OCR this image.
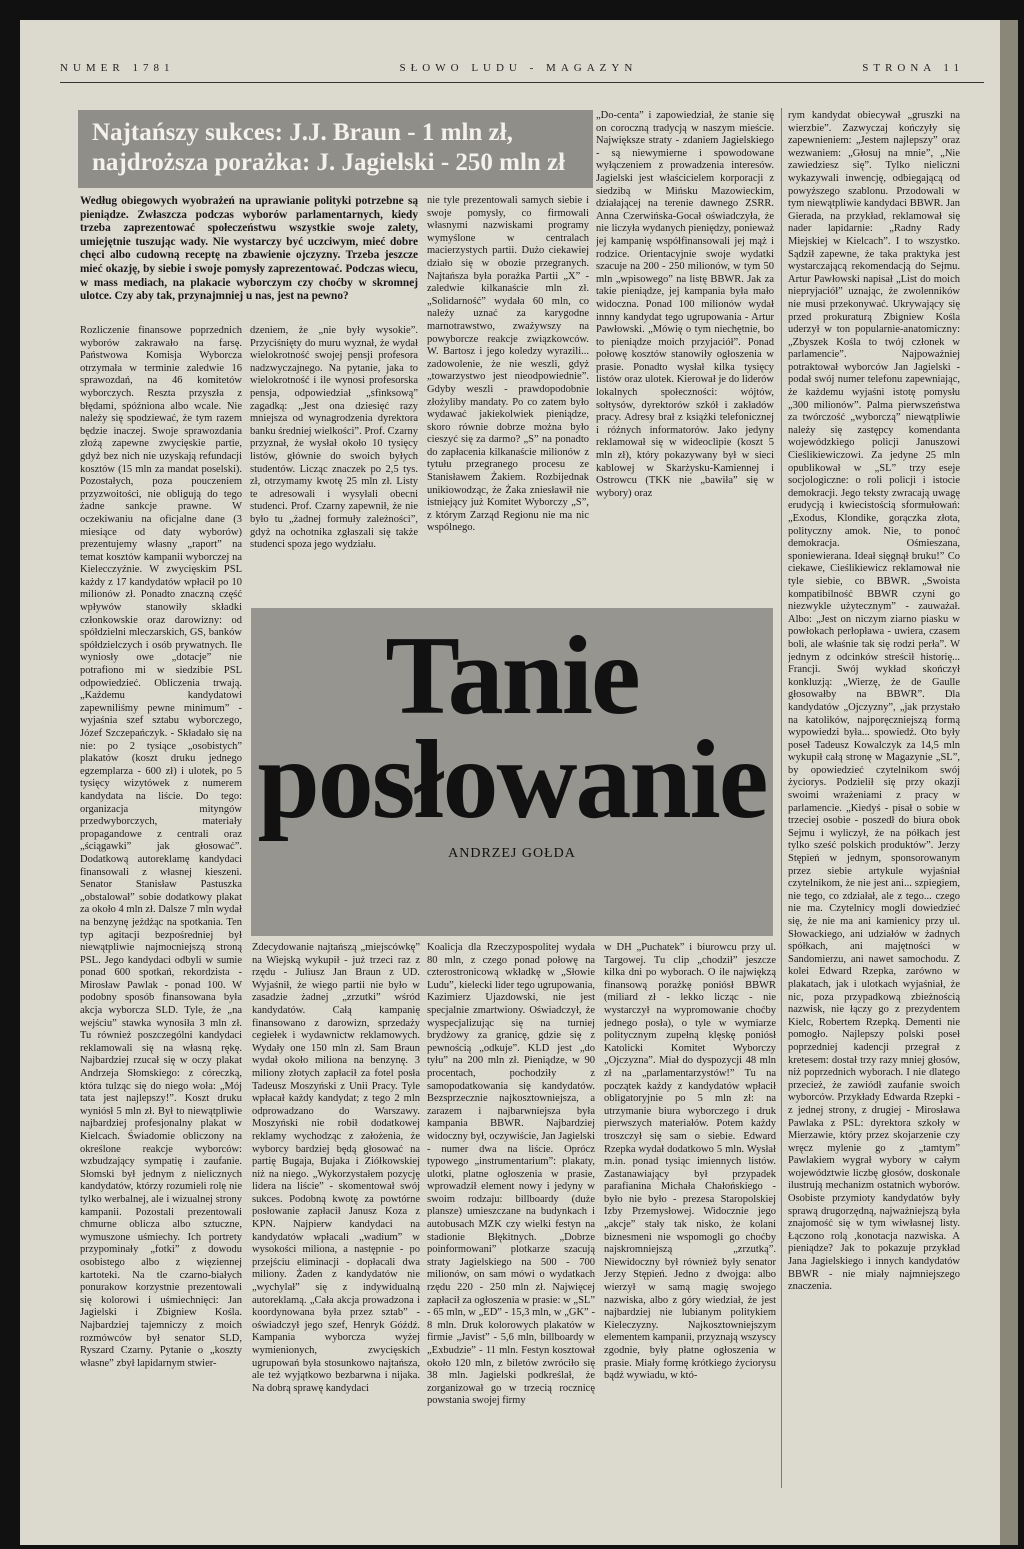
NUMER 1781	SŁOWO LUDU - MAGAZYN	STRONA 11
Najtańszy sukces: J.J. Braun - 1 mln zł,
najdroższa porażka: J. Jagielski - 250 mln zł
Według obiegowych wyobrażeń na uprawianie polityki potrzebne są pieniądze. Zwłaszcza podczas wyborów parlamentarnych, kiedy trzeba zaprezentować społeczeństwu wszystkie swoje zalety, umiejętnie tuszując wady. Nie wystarczy być uczciwym, mieć dobre chęci albo cudowną receptę na zbawienie ojczyzny. Trzeba jeszcze mieć okazję, by siebie i swoje pomysły zaprezentować. Podczas wiecu, w mass mediach, na plakacie wyborczym czy choćby w skromnej ulotce. Czy aby tak, przynajmniej u nas, jest na pewno?
Rozliczenie finansowe poprzednich wyborów zakrawało na farsę. Państwowa Komisja Wyborcza otrzymała w terminie zaledwie 16 sprawozdań, na 46 komitetów wyborczych. Reszta przyszła z błędami, spóźniona albo wcale. Nie należy się spodziewać, że tym razem będzie inaczej. Swoje sprawozdania złożą zapewne zwycięskie partie, gdyż bez nich nie uzyskają refundacji kosztów (15 mln za mandat poselski). Pozostałych, poza pouczeniem przyzwoitości, nie obligują do tego żadne sankcje prawne. W oczekiwaniu na oficjalne dane (3 miesiące od daty wyborów) prezentujemy własny „raport” na temat kosztów kampanii wyborczej na Kielecczyźnie. W zwycięskim PSL każdy z 17 kandydatów wpłacił po 10 milionów zł. Ponadto znaczną część wpływów stanowiły składki członkowskie oraz darowizny: od spółdzielni mleczarskich, GS, banków spółdzielczych i osób prywatnych. Ile wyniosły owe „dotacje” nie potrafiono mi w siedzibie PSL odpowiedzieć. Obliczenia trwają. „Każdemu kandydatowi zapewniliśmy pewne minimum” - wyjaśnia szef sztabu wyborczego, Józef Szczepańczyk. - Składało się na nie: po 2 tysiące „osobistych” plakatów (koszt druku jednego egzemplarza - 600 zł) i ulotek, po 5 tysięcy wizytówek z numerem kandydata na liście. Do tego: organizacja mityngów przedwyborczych, materiały propagandowe z centrali oraz „ściągawki” jak głosować”. Dodatkową autoreklamę kandydaci finansowali z własnej kieszeni. Senator Stanisław Pastuszka „obstalował” sobie dodatkowy plakat za około 4 mln zł. Dalsze 7 mln wydał na benzynę jeżdżąc na spotkania. Ten typ agitacji bezpośredniej był niewątpliwie najmocniejszą stroną PSL. Jego kandydaci odbyli w sumie ponad 600 spotkań, rekordzista - Mirosław Pawlak - ponad 100. W podobny sposób finansowana była akcja wyborcza SLD. Tyle, że „na wejściu” stawka wynosiła 3 mln zł. Tu również poszczególni kandydaci reklamowali się na własną rękę. Najbardziej rzucał się w oczy plakat Andrzeja Słomskiego: z córeczką, która tulząc się do niego woła: „Mój tata jest najlepszy!”. Koszt druku wyniósł 5 mln zł. Był to niewątpliwie najbardziej profesjonalny plakat w Kielcach. Świadomie obliczony na określone reakcje wyborców: wzbudzający sympatię i zaufanie. Słomski był jednym z nielicznych kandydatów, którzy rozumieli rolę nie tylko werbalnej, ale i wizualnej strony kampanii. Pozostali prezentowali chmurne oblicza albo sztuczne, wymuszone uśmiechy. Ich portrety przypominały „fotki” z dowodu osobistego albo z więziennej kartoteki. Na tle czarno-białych ponurakow korzystnie prezentowali się kolorowi i uśmiechnięci: Jan Jagielski i Zbigniew Kośla. Najbardziej tajemniczy z moich rozmówców był senator SLD, Ryszard Czarny. Pytanie o „koszty własne” zbył lapidarnym stwier-
dzeniem, że „nie były wysokie”. Przyciśnięty do muru wyznał, że wydał wielokrotność swojej pensji profesora nadzwyczajnego. Na pytanie, jaka to wielokrotność i ile wynosi profesorska pensja, odpowiedział „sfinksową” zagadką: „Jest ona dziesięć razy mniejsza od wynagrodzenia dyrektora banku średniej wielkości”. Prof. Czarny przyznał, że wysłał około 10 tysięcy listów, głównie do swoich byłych studentów. Licząc znaczek po 2,5 tys. zł, otrzymamy kwotę 25 mln zł. Listy te adresowali i wysyłali obecni studenci. Prof. Czarny zapewnił, że nie było tu „żadnej formuły zależności”, gdyż na ochotnika zgłaszali się także studenci spoza jego wydziału.
nie tyle prezentowali samych siebie i swoje pomysły, co firmowali własnymi nazwiskami programy wymyślone w centralach macierzystych partii. Dużo ciekawiej działo się w obozie przegranych. Najtańsza była porażka Partii „X” - zaledwie kilkanaście mln zł. „Solidarność” wydała 60 mln, co należy uznać za karygodne marnotrawstwo, zważywszy na powyborcze reakcje związkowców. W. Bartosz i jego koledzy wyrazili... zadowolenie, że nie weszli, gdyż „towarzystwo jest nieodpowiednie”. Gdyby weszli - prawdopodobnie złożyliby mandaty. Po co zatem było wydawać jakiekolwiek pieniądze, skoro równie dobrze można było cieszyć się za darmo? „S” na ponadto do zapłacenia kilkanaście milionów z tytułu przegranego procesu ze Stanisławem Żakiem. Rozbijednak unikiowodząc, że Żaka zniesławił nie istniejący już Komitet Wyborczy „S”, z którym Zarząd Regionu nie ma nic wspólnego.
„Do-centa” i zapowiedział, że stanie się on coroczną tradycją w naszym mieście. Największe straty - zdaniem Jagielskiego - są niewymierne i spowodowane wyłączeniem z prowadzenia interesów. Jagielski jest właścicielem korporacji z siedzibą w Mińsku Mazowieckim, działającej na terenie dawnego ZSRR. Anna Czerwińska-Gocał oświadczyła, że nie liczyła wydanych pieniędzy, ponieważ jej kampanię współfinansowali jej mąż i rodzice. Orientacyjnie swoje wydatki szacuje na 200 - 250 milionów, w tym 50 mln „wpisowego” na listę BBWR. Jak za takie pieniądze, jej kampania była mało widoczna. Ponad 100 milionów wydał innny kandydat tego ugrupowania - Artur Pawłowski. „Mówię o tym niechętnie, bo to pieniądze moich przyjaciół”. Ponad połowę kosztów stanowiły ogłoszenia w prasie. Ponadto wysłał kilka tysięcy listów oraz ulotek. Kierował je do liderów lokalnych społeczności: wójtów, sołtysów, dyrektorów szkół i zakładów pracy. Adresy brał z książki telefonicznej i różnych informatorów. Jako jedyny reklamował się w wideoclipie (koszt 5 mln zł), który pokazywany był w sieci kablowej w Skarżysku-Kamiennej i Ostrowcu (TKK nie „bawiła” się w wybory) oraz
rym kandydat obiecywał „gruszki na wierzbie”. Zazwyczaj kończyły się zapewnieniem: „Jestem najlepszy” oraz wezwaniem: „Głosuj na mnie”, „Nie zawiedziesz się”. Tylko nieliczni wykazywali inwencję, odbiegającą od powyższego szablonu. Przodowali w tym niewątpliwie kandydaci BBWR. Jan Gierada, na przykład, reklamował się nader lapidarnie: „Radny Rady Miejskiej w Kielcach”. I to wszystko. Sądził zapewne, że taka praktyka jest wystarczającą rekomendacją do Sejmu. Artur Pawłowski napisał „List do moich niepryjaciół” uznając, że zwolenników nie musi przekonywać. Ukrywający się przed prokuraturą Zbigniew Kośla uderzył w ton popularnie-anatomiczny: „Zbyszek Kośla to twój członek w parlamencie”. Najpoważniej potraktował wyborców Jan Jagielski - podał swój numer telefonu zapewniając, że każdemu wyjaśni istotę pomysłu „300 milionów”. Palma pierwszeństwa za twórczość „wyborczą” niewątpliwie należy się zastępcy komendanta wojewódzkiego policji Januszowi Cieślikiewiczowi. Za jedyne 25 mln opublikował w „SL” trzy eseje socjologiczne: o roli policji i istocie demokracji. Jego teksty zwracają uwagę erudycją i kwiecistością sformułowań: „Exodus, Klondike, gorączka złota, polityczny amok. Nie, to ponoć demokracja. Ośmieszana, sponiewierana. Ideał sięgnął bruku!” Co ciekawe, Cieślikiewicz reklamował nie tyle siebie, co BBWR. „Swoista kompatibilność BBWR czyni go niezwykle użytecznym” - zauważał. Albo: „Jest on niczym ziarno piasku w powłokach perłopława - uwiera, czasem boli, ale właśnie tak się rodzi perła”. W jednym z odcinków streścił historię... Francji. Swój wykład skończył konkluzją: „Wierzę, że de Gaulle głosowałby na BBWR”. Dla kandydatów „Ojczyzny”, „jak przystało na katolików, najporęczniejszą formą wypowiedzi była... spowiedź. Oto były poseł Tadeusz Kowalczyk za 14,5 mln wykupił całą stronę w Magazynie „SL”, by opowiedzieć czytelnikom swój życiorys. Podzielił się przy okazji swoimi wrażeniami z pracy w parlamencie. „Kiedyś - pisał o sobie w trzeciej osobie - poszedł do biura obok Sejmu i wyliczył, że na półkach jest tylko sześć polskich produktów”. Jerzy Stępień w jednym, sponsorowanym przez siebie artykule wyjaśniał czytelnikom, że nie jest ani... szpiegiem, nie tego, co zdziałał, ale z tego... czego nie ma. Czytelnicy mogli dowiedzieć się, że nie ma ani kamienicy przy ul. Słowackiego, ani udziałów w żadnych spółkach, ani majętności w Sandomierzu, ani nawet samochodu. Z kolei Edward Rzepka, zarówno w plakatach, jak i ulotkach wyjaśniał, że nic, poza przypadkową zbieżnością nazwisk, nie łączy go z prezydentem Kielc, Robertem Rzepką. Dementi nie pomogło. Najlepszy polski poseł poprzedniej kadencji przegrał z kretesem: dostał trzy razy mniej głosów, niż poprzednich wyborach. I nie dlatego przecież, że zawiódł zaufanie swoich wyborców. Przykłady Edwarda Rzepki - z jednej strony, z drugiej - Mirosława Pawlaka z PSL: dyrektora szkoły w Mierzawie, który przez skojarzenie czy wręcz mylenie go z „tamtym” Pawlakiem wygrał wybory w całym województwie liczbę głosów, doskonale ilustrują mechanizm ostatnich wyborów. Osobiste przymioty kandydatów były sprawą drugorzędną, najważniejszą była znajomość się w tym wiwłasnej listy. Łączono rolą ,konotacja nazwiska. A pieniądze? Jak to pokazuje przykład Jana Jagielskiego i innych kandydatów BBWR - nie miały najmniejszego znaczenia.
Tanie
posłowanie
ANDRZEJ GOŁDA
Zdecydowanie najtańszą „miejscówkę” na Wiejską wykupił - już trzeci raz z rzędu - Juliusz Jan Braun z UD. Wyjaśnił, że wiego partii nie było w zasadzie żadnej „zrzutki” wśród kandydatów. Całą kampanię finansowano z darowizn, sprzedaży cegiełek i wydawnictw reklamowych. Wydały one 150 mln zł. Sam Braun wydał około miliona na benzynę. 3 miliony złotych zapłacił za fotel posła Tadeusz Moszyński z Unii Pracy. Tyle wpłacał każdy kandydat; z tego 2 mln odprowadzano do Warszawy. Moszyński nie robił dodatkowej reklamy wychodząc z założenia, że wyborcy bardziej będą głosować na partię Bugaja, Bujaka i Ziółkowskiej niż na niego. „Wykorzystałem pozycję lidera na liście” - skomentował swój sukces. Podobną kwotę za powtórne posłowanie zapłacił Janusz Koza z KPN. Najpierw kandydaci na kandydatów wpłacali „wadium” w wysokości miliona, a następnie - po przejściu eliminacji - dopłacali dwa miliony. Żaden z kandydatów nie „wychylał” się z indywidualną autoreklamą. „Cała akcja prowadzona i koordynowana była przez sztab” - oświadczył jego szef, Henryk Góźdź. Kampania wyborcza wyżej wymienionych, zwycięskich ugrupowań była stosunkowo najtańsza, ale też wyjątkowo bezbarwna i nijaka. Na dobrą sprawę kandydaci
Koalicja dla Rzeczypospolitej wydała 80 mln, z czego ponad połowę na czterostronicową wkładkę w „Słowie Ludu”, kielecki lider tego ugrupowania, Kazimierz Ujazdowski, nie jest specjalnie zmartwiony. Oświadczył, że wyspecjalizując się na turniej brydżowy za granicę, gdzie się z pewnością „odkuje”. KLD jest „do tyłu” na 200 mln zł. Pieniądze, w 90 procentach, pochodziły z samopodatkowania się kandydatów. Bezsprzecznie najkosztowniejsza, a zarazem i najbarwniejsza była kampania BBWR. Najbardziej widoczny był, oczywiście, Jan Jagielski - numer dwa na liście. Oprócz typowego „instrumentarium”: plakaty, ulotki, platne ogłoszenia w prasie, wprowadził element nowy i jedyny w swoim rodzaju: billboardy (duże plansze) umieszczane na budynkach i autobusach MZK czy wielki festyn na stadionie Błękitnych. „Dobrze poinformowani” plotkarze szacują straty Jagielskiego na 500 - 700 milionów, on sam mówi o wydatkach rzędu 220 - 250 mln zł. Najwięcej zapłacił za ogłoszenia w prasie: w „SL” - 65 mln, w „ED” - 15,3 mln, w „GK” - 8 mln. Druk kolorowych plakatów w firmie „Javist” - 5,6 mln, billboardy w „Exbudzie” - 11 mln. Festyn kosztował około 120 mln, z biletów zwróciło się 38 mln. Jagielski podkreślał, że zorganizował go w trzecią rocznicę powstania swojej firmy
w DH „Puchatek” i biurowcu przy ul. Targowej. Tu clip „chodził” jeszcze kilka dni po wyborach. O ile najwiękzą finansową porażkę poniósł BBWR (miliard zł - lekko licząc - nie wystarczył na wypromowanie choćby jednego posła), o tyle w wymiarze politycznym zupełną klęskę poniósł Katolicki Komitet Wyborczy „Ojczyzna”. Miał do dyspozycji 48 mln zł na „parlamentarzystów!” Tu na początek każdy z kandydatów wpłacił obligatoryjnie po 5 mln zł: na utrzymanie biura wyborczego i druk pierwszych materiałów. Potem każdy troszczył się sam o siebie. Edward Rzepka wydał dodatkowo 5 mln. Wysłał m.in. ponad tysiąc imiennych listów. Zastanawiający był przypadek parafianina Michała Chałońskiego - było nie było - prezesa Staropolskiej Izby Przemysłowej. Widocznie jego „akcje” stały tak nisko, że kolani biznesmeni nie wspomogli go choćby najskromniejszą „zrzutką”. Niewidoczny był również były senator Jerzy Stępień. Jedno z dwojga: albo wierzył w samą magię swojego nazwiska, albo z góry wiedział, że jest najbardziej nie lubianym politykiem Kieleczyzny. Najkosztowniejszym elementem kampanii, przyznają wszyscy zgodnie, były płatne ogłoszenia w prasie. Miały formę krótkiego życiorysu bądź wywiadu, w któ-
